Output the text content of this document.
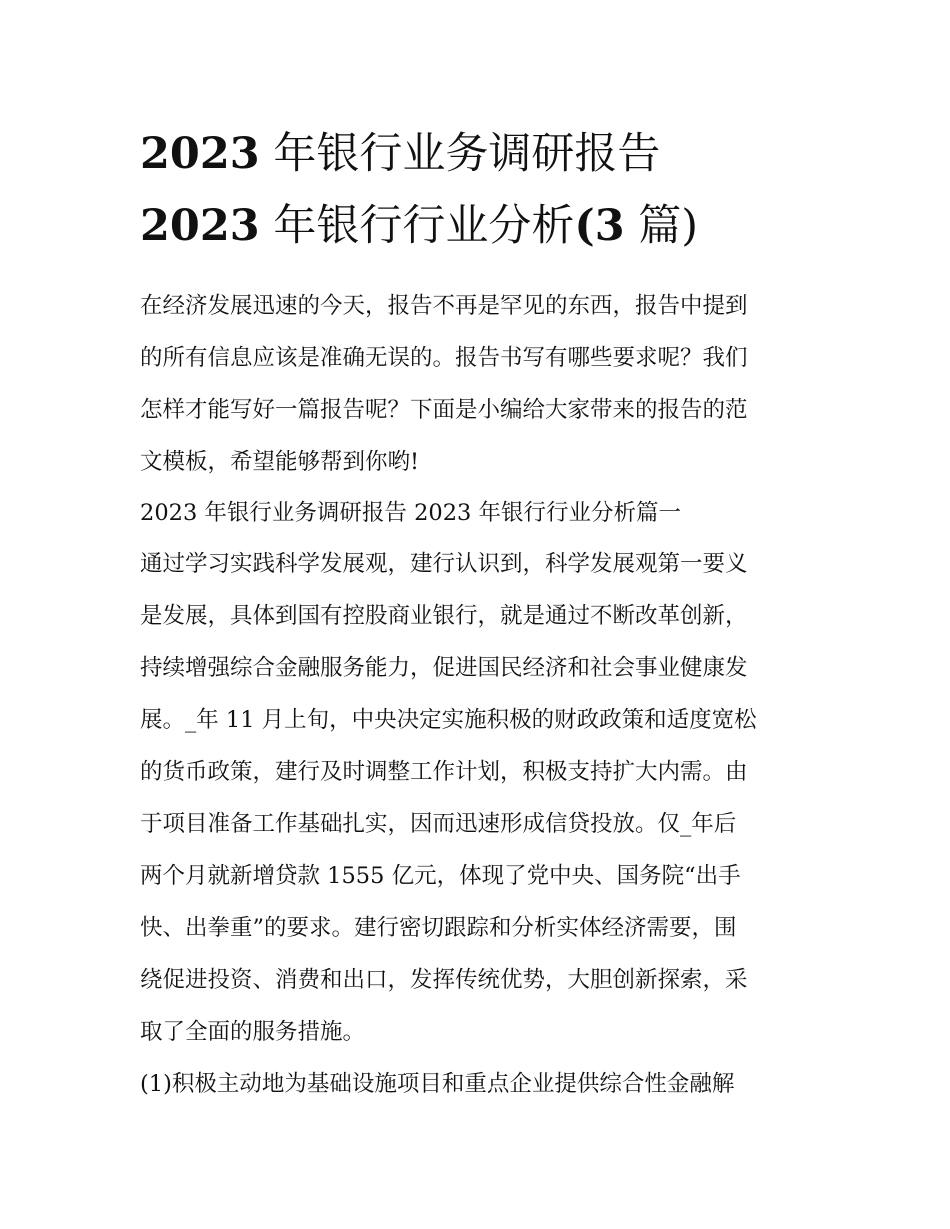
2023 年银行业务调研报告
2023 年银行行业分析(3 篇)

在经济发展迅速的今天，报告不再是罕见的东西，报告中提到
的所有信息应该是准确无误的。报告书写有哪些要求呢？我们
怎样才能写好一篇报告呢？下面是小编给大家带来的报告的范
文模板，希望能够帮到你哟!

2023 年银行业务调研报告 2023 年银行行业分析篇一

通过学习实践科学发展观，建行认识到，科学发展观第一要义
是发展，具体到国有控股商业银行，就是通过不断改革创新，
持续增强综合金融服务能力，促进国民经济和社会事业健康发
展。_年 11 月上旬，中央决定实施积极的财政政策和适度宽松
的货币政策，建行及时调整工作计划，积极支持扩大内需。由
于项目准备工作基础扎实，因而迅速形成信贷投放。仅_年后
两个月就新增贷款 1555 亿元，体现了党中央、国务院“出手
快、出拳重”的要求。建行密切跟踪和分析实体经济需要，围
绕促进投资、消费和出口，发挥传统优势，大胆创新探索，采
取了全面的服务措施。

(1)积极主动地为基础设施项目和重点企业提供综合性金融解
